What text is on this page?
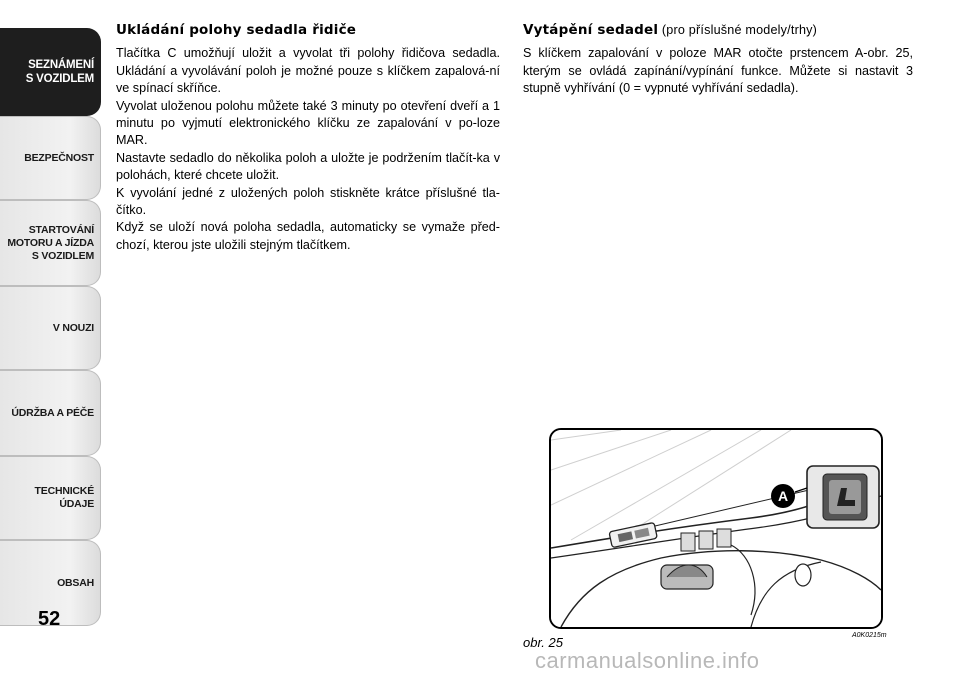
SEZNÁMENÍ
S VOZIDLEM
BEZPEČNOST
STARTOVÁNÍ
MOTORU A JÍZDA
S VOZIDLEM
V NOUZI
ÚDRŽBA A PÉČE
TECHNICKÉ
ÚDAJE
OBSAH
52
Ukládání polohy sedadla řidiče

Tlačítka C umožňují uložit a vyvolat tři polohy řidičova sedadla. Ukládání a vyvolávání poloh je možné pouze s klíčkem zapalová-ní ve spínací skříňce.

Vyvolat uloženou polohu můžete také 3 minuty po otevření dveří a 1 minutu po vyjmutí elektronického klíčku ze zapalování v po-loze MAR.

Nastavte sedadlo do několika poloh a uložte je podržením tlačít-ka v polohách, které chcete uložit.

K vyvolání jedné z uložených poloh stiskněte krátce příslušné tla-čítko.

Když se uloží nová poloha sedadla, automaticky se vymaže před-chozí, kterou jste uložili stejným tlačítkem.

Vytápění sedadel (pro příslušné modely/trhy)

S klíčkem zapalování v poloze MAR otočte prstencem A-obr. 25, kterým se ovládá zapínání/vypínání funkce. Můžete si nastavit 3 stupně vyhřívání (0 = vypnuté vyhřívání sedadla).

A
obr. 25	A0K0215m
carmanualsonline.info
